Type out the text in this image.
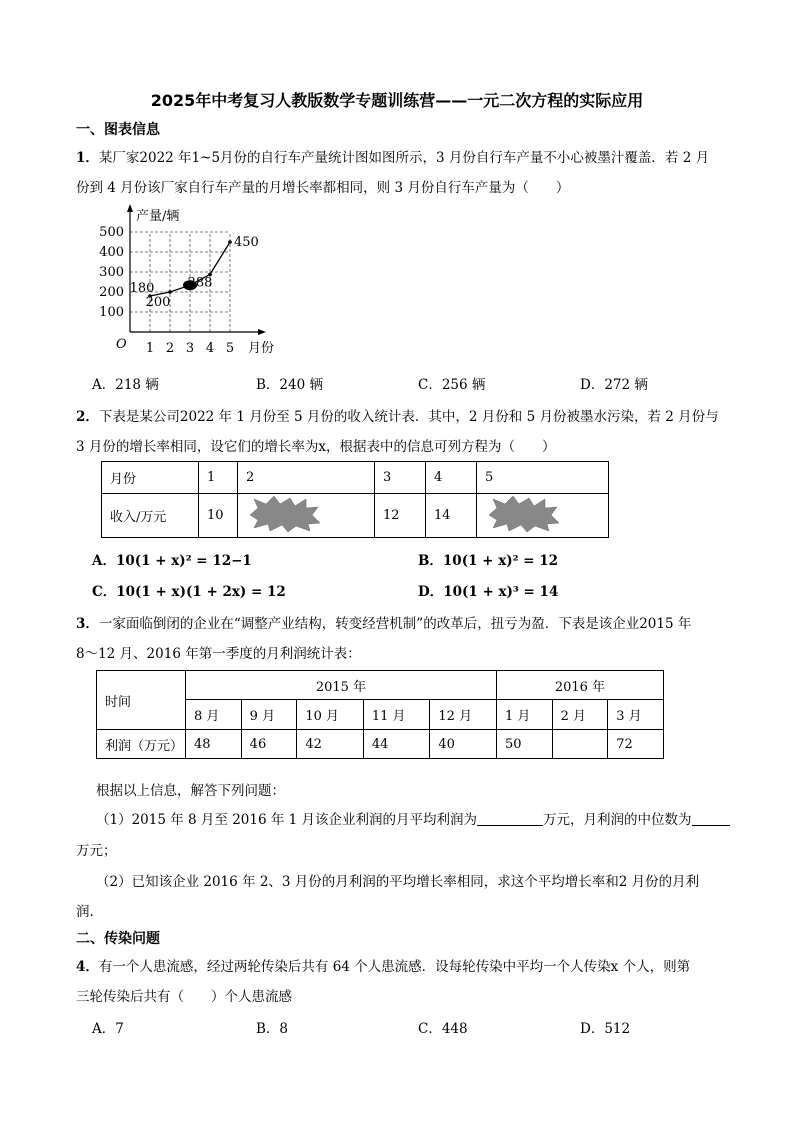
2025年中考复习人教版数学专题训练营——一元二次方程的实际应用
一、图表信息
1．某厂家2022 年1~5月份的自行车产量统计图如图所示，3 月份自行车产量不小心被墨汁覆盖．若 2 月
份到 4 月份该厂家自行车产量的月增长率都相同，则 3 月份自行车产量为（　　）
产量/辆
月份
O 1 2 3 4 5
100
200
300
400
500
180
200
288
450
A．218 辆	B．240 辆	C．256 辆	D．272 辆
2．下表是某公司2022 年 1 月份至 5 月份的收入统计表．其中，2 月份和 5 月份被墨水污染，若 2 月份与
3 月份的增长率相同，设它们的增长率为x，根据表中的信息可列方程为（　　）
月份	1	2	3	4	5
收入/万元	10		12	14	
A．10(1 + x)² = 12−1	B．10(1 + x)² = 12
C．10(1 + x)(1 + 2x) = 12	D．10(1 + x)³ = 14
3．一家面临倒闭的企业在“调整产业结构，转变经营机制”的改革后，扭亏为盈．下表是该企业2015 年
8～12 月、2016 年第一季度的月利润统计表：
时间	2015 年					2016 年		
	8 月	9 月	10 月	11 月	12 月	1 月	2 月	3 月
利润（万元）	48	46	42	44	40	50		72
根据以上信息，解答下列问题：
（1）2015 年 8 月至 2016 年 1 月该企业利润的月平均利润为	万元，月利润的中位数为
万元；
（2）已知该企业 2016 年 2、3 月份的月利润的平均增长率相同，求这个平均增长率和2 月份的月利
润.
二、传染问题
4．有一个人患流感，经过两轮传染后共有 64 个人患流感．设每轮传染中平均一个人传染x 个人，则第
三轮传染后共有（　　）个人患流感
A．7	B．8	C．448	D．512
